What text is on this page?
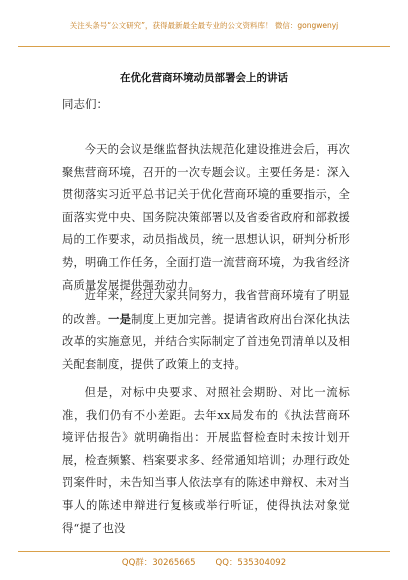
关注头条号“公文研究”，获得最新最全最专业的公文资料库！ 微信：gongwenyj
在优化营商环境动员部署会上的讲话
同志们：

今天的会议是继监督执法规范化建设推进会后，再次聚焦营商环境，召开的一次专题会议。主要任务是：深入贯彻落实习近平总书记关于优化营商环境的重要指示，全面落实党中央、国务院决策部署以及省委省政府和部救援局的工作要求，动员指战员，统一思想认识，研判分析形势，明确工作任务，全面打造一流营商环境，为我省经济高质量发展提供强劲动力。

近年来，经过大家共同努力，我省营商环境有了明显的改善。一是制度上更加完善。提请省政府出台深化执法改革的实施意见，并结合实际制定了首违免罚清单以及相关配套制度，提供了政策上的支持。

但是，对标中央要求、对照社会期盼、对比一流标准，我们仍有不小差距。去年xx局发布的《执法营商环境评估报告》就明确指出：开展监督检查时未按计划开展，检查频繁、档案要求多、经常通知培训；办理行政处罚案件时，未告知当事人依法享有的陈述申辩权、未对当事人的陈述申辩进行复核或举行听证，使得执法对象觉得“提了也没

QQ群：30265665 QQ：535304092
